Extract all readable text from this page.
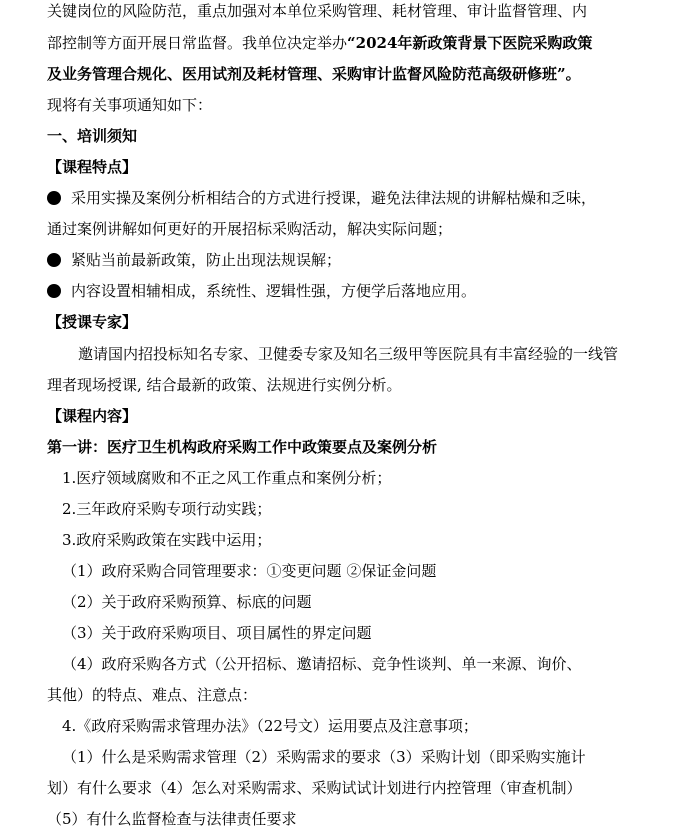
关键岗位的风险防范，重点加强对本单位采购管理、耗材管理、审计监督管理、内
部控制等方面开展日常监督。我单位决定举办“2024年新政策背景下医院采购政策
及业务管理合规化、医用试剂及耗材管理、采购审计监督风险防范高级研修班”。
现将有关事项通知如下：
一、培训须知
【课程特点】
采用实操及案例分析相结合的方式进行授课，避免法律法规的讲解枯燥和乏味，
通过案例讲解如何更好的开展招标采购活动，解决实际问题；
紧贴当前最新政策，防止出现法规误解；
内容设置相辅相成，系统性、逻辑性强，方便学后落地应用。
【授课专家】
邀请国内招投标知名专家、卫健委专家及知名三级甲等医院具有丰富经验的一线管
理者现场授课, 结合最新的政策、法规进行实例分析。
【课程内容】
第一讲：医疗卫生机构政府采购工作中政策要点及案例分析
1.医疗领域腐败和不正之风工作重点和案例分析；
2.三年政府采购专项行动实践；
3.政府采购政策在实践中运用；
（1）政府采购合同管理要求：①变更问题 ②保证金问题
（2）关于政府采购预算、标底的问题
（3）关于政府采购项目、项目属性的界定问题
（4）政府采购各方式（公开招标、邀请招标、竞争性谈判、单一来源、询价、
其他）的特点、难点、注意点：
4.《政府采购需求管理办法》（22号文）运用要点及注意事项；
（1）什么是采购需求管理（2）采购需求的要求（3）采购计划（即采购实施计
划）有什么要求（4）怎么对采购需求、采购试试计划进行内控管理（审查机制）
（5）有什么监督检查与法律责任要求
